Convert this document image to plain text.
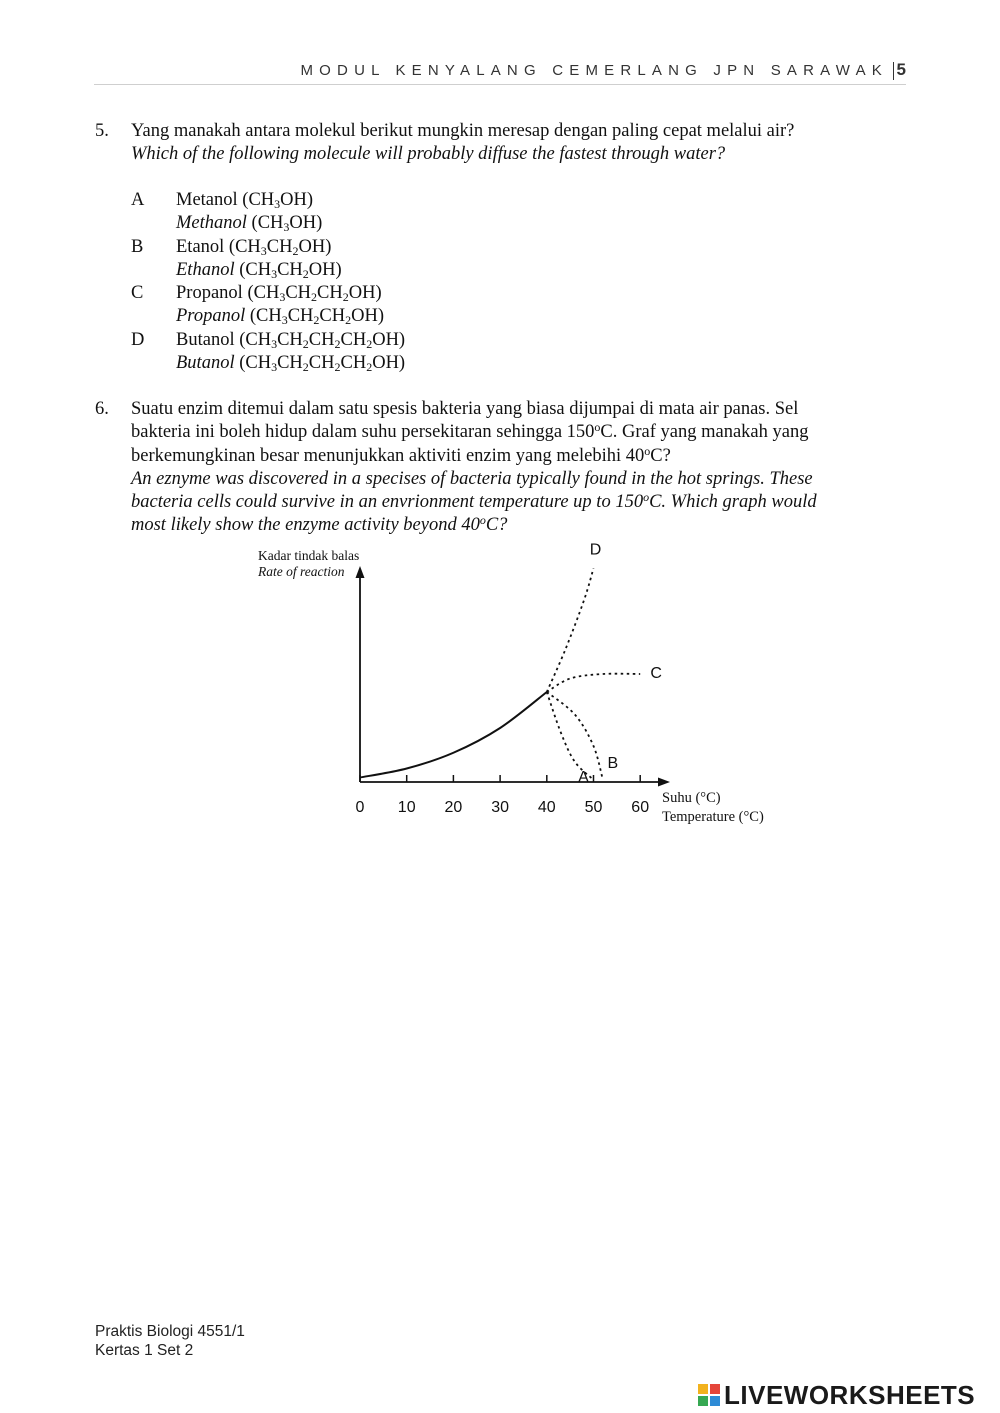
MODUL KENYALANG CEMERLANG JPN SARAWAK 5
5. Yang manakah antara molekul berikut mungkin meresap dengan paling cepat melalui air?
Which of the following molecule will probably diffuse the fastest through water?
A Metanol $(CH_3OH)$
Methanol $(CH_3OH)$
B Etanol $(CH_3CH_2OH)$
Ethanol $(CH_3CH_2OH)$
C Propanol $(CH_3CH_2CH_2OH)$
Propanol $(CH_3CH_2CH_2OH)$
D Butanol $(CH_3CH_2CH_2CH_2OH)$
Butanol $(CH_3CH_2CH_2CH_2OH)$
6. Suatu enzim ditemui dalam satu spesis bakteria yang biasa dijumpai di mata air panas. Sel
bakteria ini boleh hidup dalam suhu persekitaran sehingga 150$^o$C. Graf yang manakah yang
berkemungkinan besar menunjukkan aktiviti enzim yang melebihi 40$^o$C?
An eznyme was discovered in a specises of bacteria typically found in the hot springs. These
bacteria cells could survive in an envrionment temperature up to 150$^o$C. Which graph would
most likely show the enzyme activity beyond 40$^o$C?
Kadar tindak balas
Rate of reaction
0 10 20 30 40 50 60
A
B
C
D
Suhu (°C)
Temperature (°C)
Praktis Biologi 4551/1
Kertas 1 Set 2
LIVEWORKSHEETS
